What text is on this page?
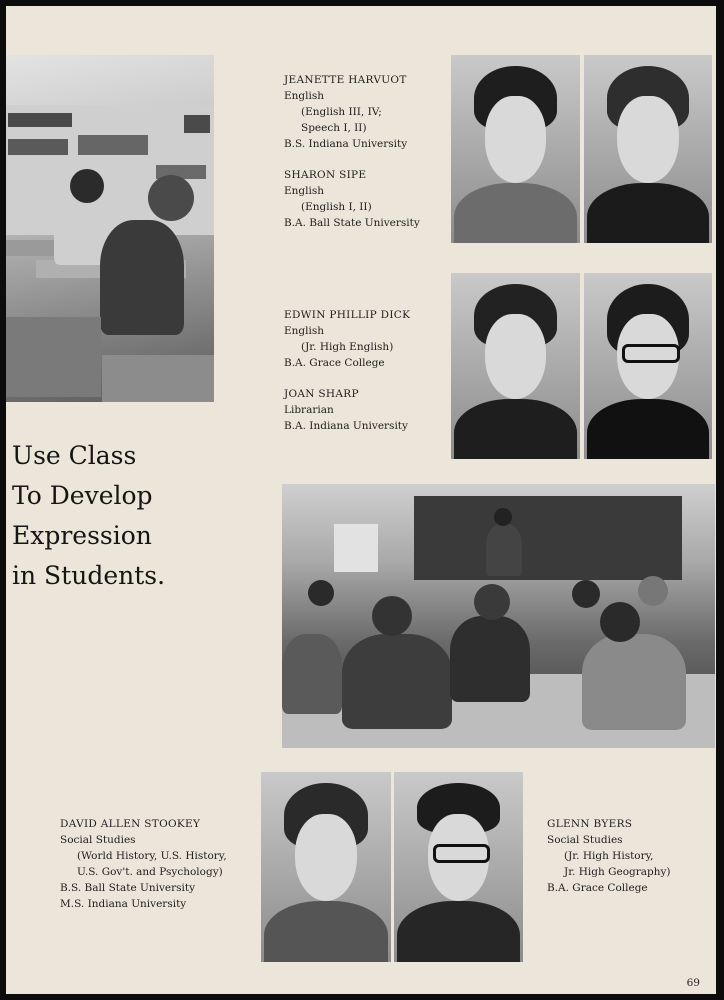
Use Class
To Develop
Expression
in Students.
JEANETTE HARVUOT
English
(English III, IV;
Speech I, II)
B.S. Indiana University
SHARON SIPE
English
(English I, II)
B.A. Ball State University
EDWIN PHILLIP DICK
English
(Jr. High English)
B.A. Grace College
JOAN SHARP
Librarian
B.A. Indiana University
DAVID ALLEN STOOKEY
Social Studies
(World History, U.S. History,
U.S. Gov't. and Psychology)
B.S. Ball State University
M.S. Indiana University
GLENN BYERS
Social Studies
(Jr. High History,
Jr. High Geography)
B.A. Grace College
69
